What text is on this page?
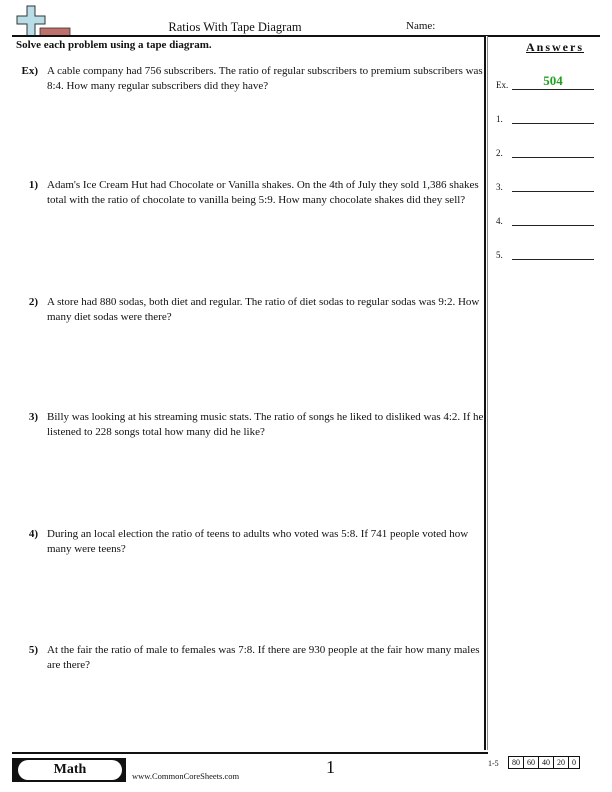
Ratios With Tape Diagram	Name:
Solve each problem using a tape diagram.
Ex) A cable company had 756 subscribers. The ratio of regular subscribers to premium subscribers was 8:4. How many regular subscribers did they have?
1) Adam's Ice Cream Hut had Chocolate or Vanilla shakes. On the 4th of July they sold 1,386 shakes total with the ratio of chocolate to vanilla being 5:9. How many chocolate shakes did they sell?
2) A store had 880 sodas, both diet and regular. The ratio of diet sodas to regular sodas was 9:2. How many diet sodas were there?
3) Billy was looking at his streaming music stats. The ratio of songs he liked to disliked was 4:2. If he listened to 228 songs total how many did he like?
4) During an local election the ratio of teens to adults who voted was 5:8. If 741 people voted how many were teens?
5) At the fair the ratio of male to females was 7:8. If there are 930 people at the fair how many males are there?
Answers
Ex.	504
1.
2.
3.
4.
5.
Math	www.CommonCoreSheets.com	1	1-5 80	60	40	20	0
